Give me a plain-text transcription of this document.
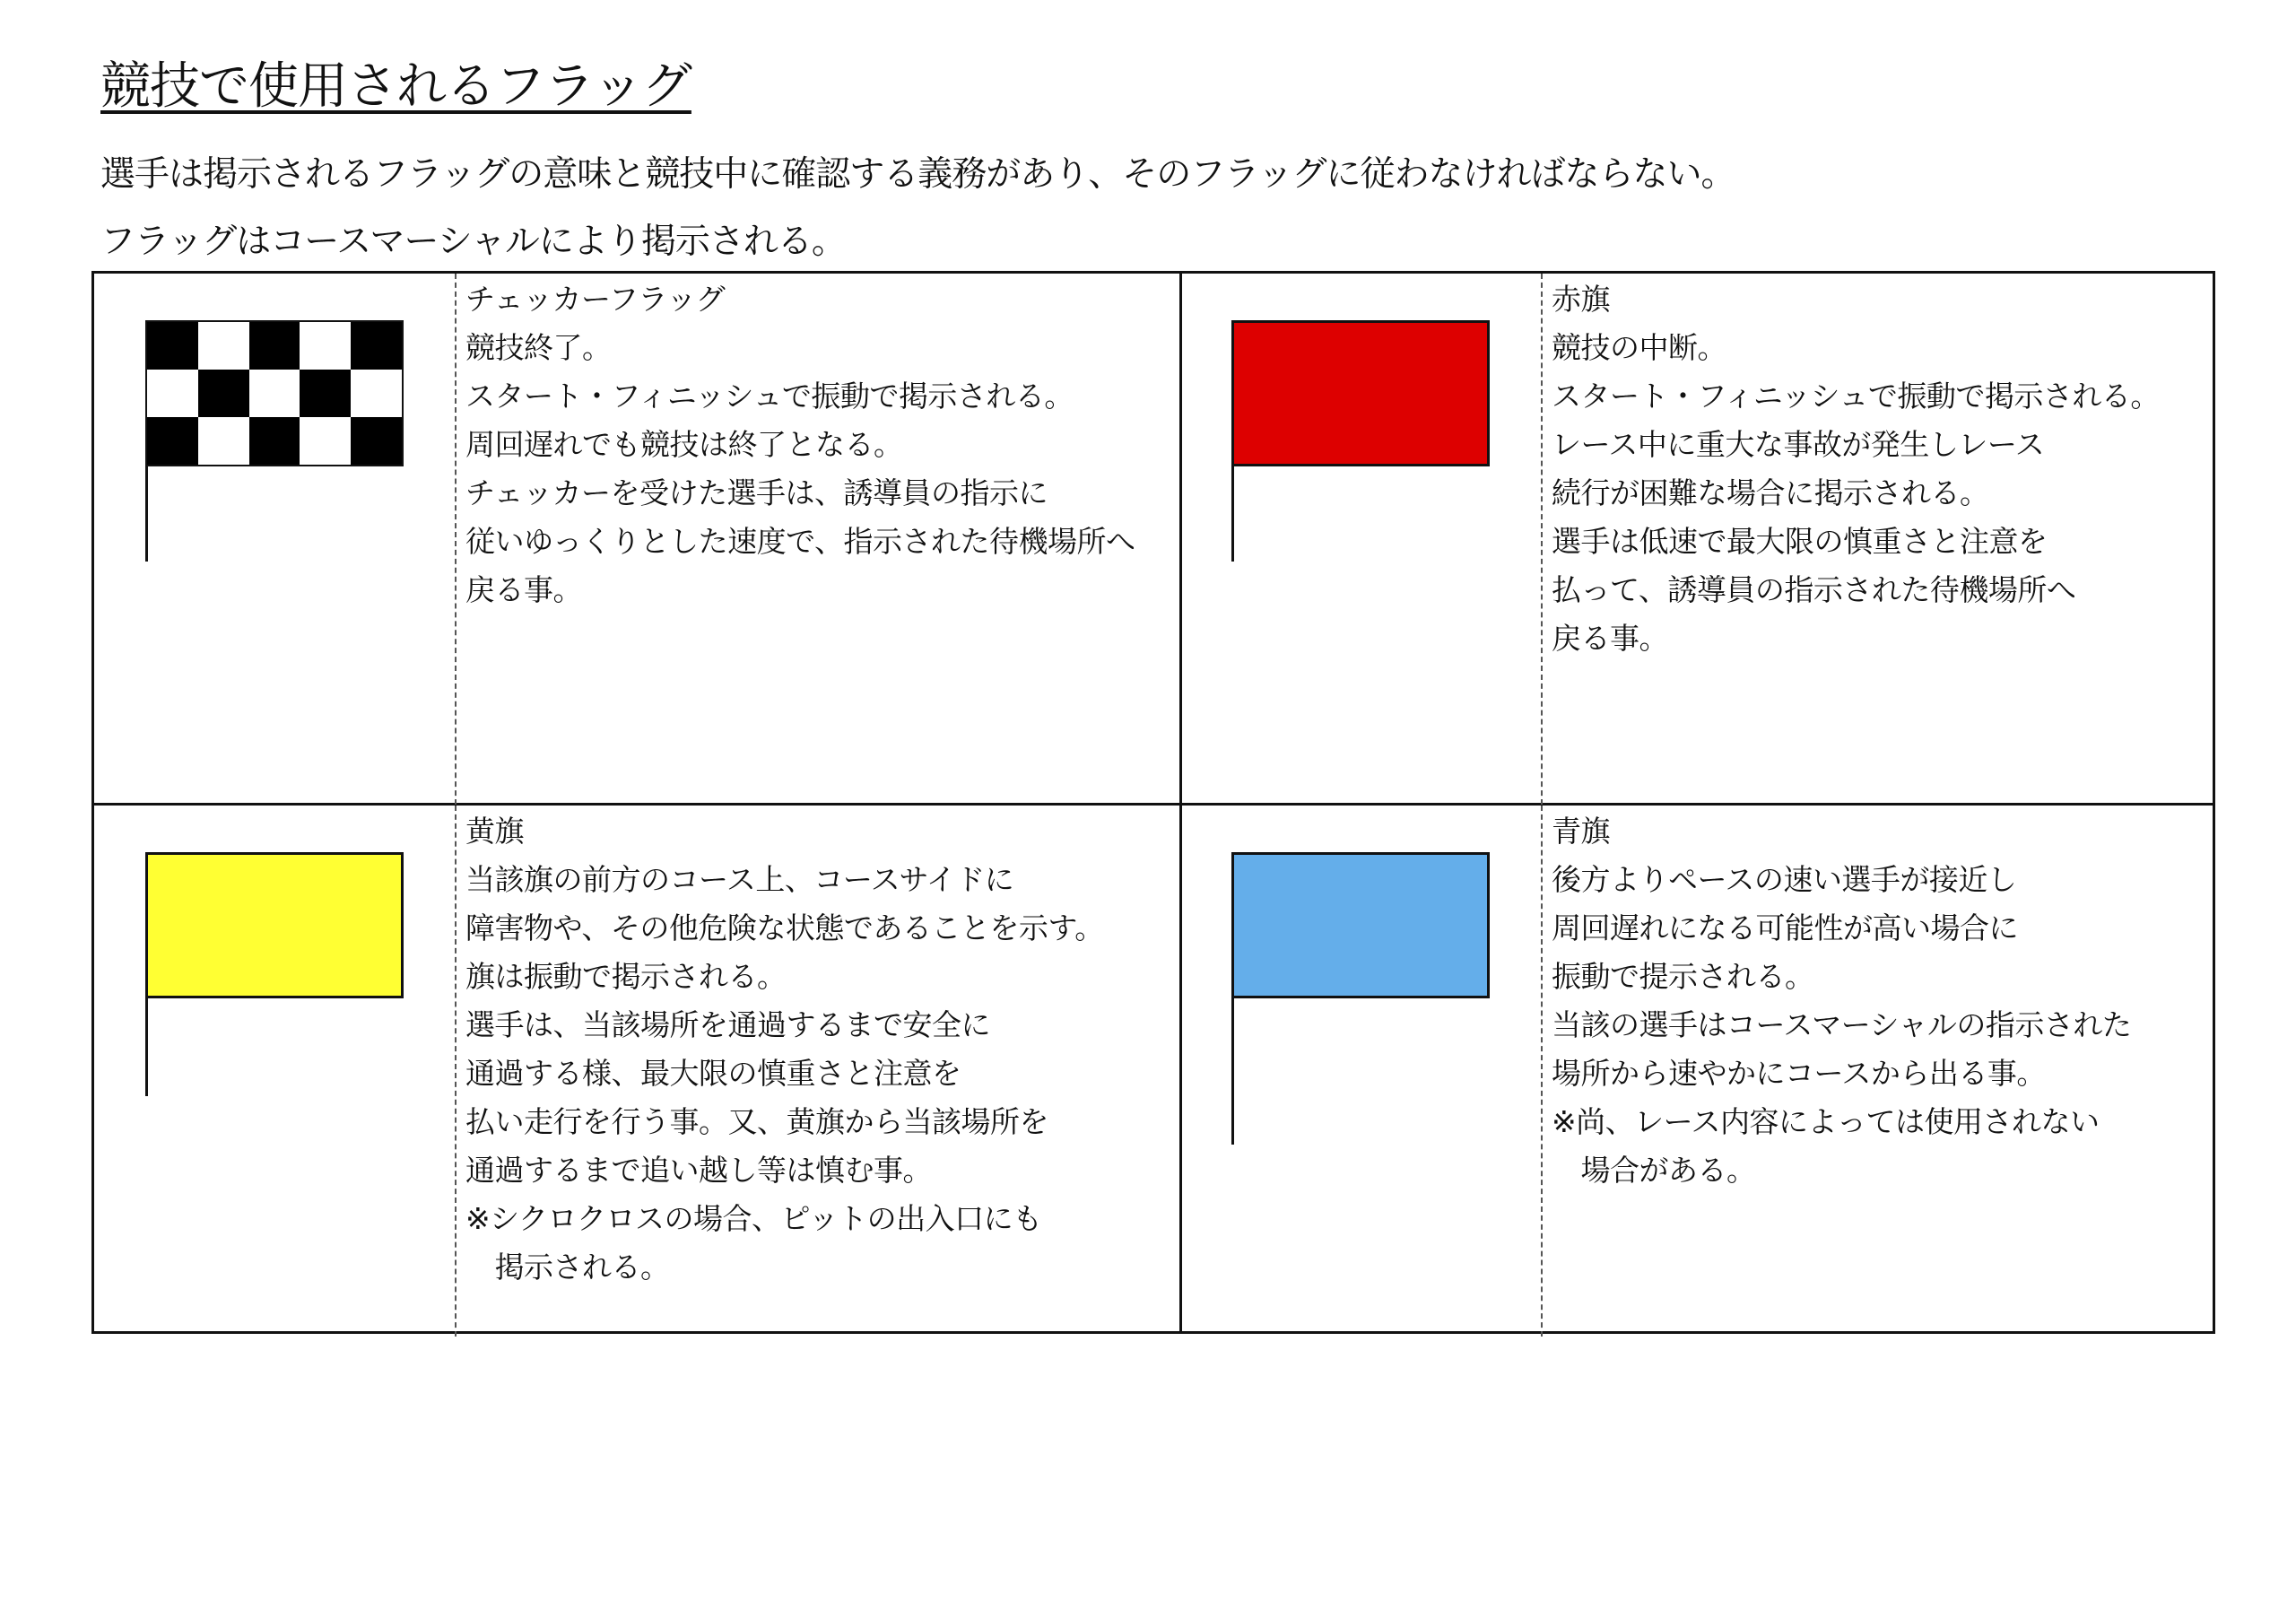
競技で使用されるフラッグ
選手は掲示されるフラッグの意味と競技中に確認する義務があり、そのフラッグに従わなければならない。
フラッグはコースマーシャルにより掲示される。
チェッカーフラッグ
競技終了。
スタート・フィニッシュで振動で掲示される。
周回遅れでも競技は終了となる。
チェッカーを受けた選手は、誘導員の指示に
従いゆっくりとした速度で、指示された待機場所へ
戻る事。
赤旗
競技の中断。
スタート・フィニッシュで振動で掲示される。
レース中に重大な事故が発生しレース
続行が困難な場合に掲示される。
選手は低速で最大限の慎重さと注意を
払って、誘導員の指示された待機場所へ
戻る事。
黄旗
当該旗の前方のコース上、コースサイドに
障害物や、その他危険な状態であることを示す。
旗は振動で掲示される。
選手は、当該場所を通過するまで安全に
通過する様、最大限の慎重さと注意を
払い走行を行う事。又、黄旗から当該場所を
通過するまで追い越し等は慎む事。
※シクロクロスの場合、ピットの出入口にも
　掲示される。
青旗
後方よりペースの速い選手が接近し
周回遅れになる可能性が高い場合に
振動で提示される。
当該の選手はコースマーシャルの指示された
場所から速やかにコースから出る事。
※尚、レース内容によっては使用されない
　場合がある。
